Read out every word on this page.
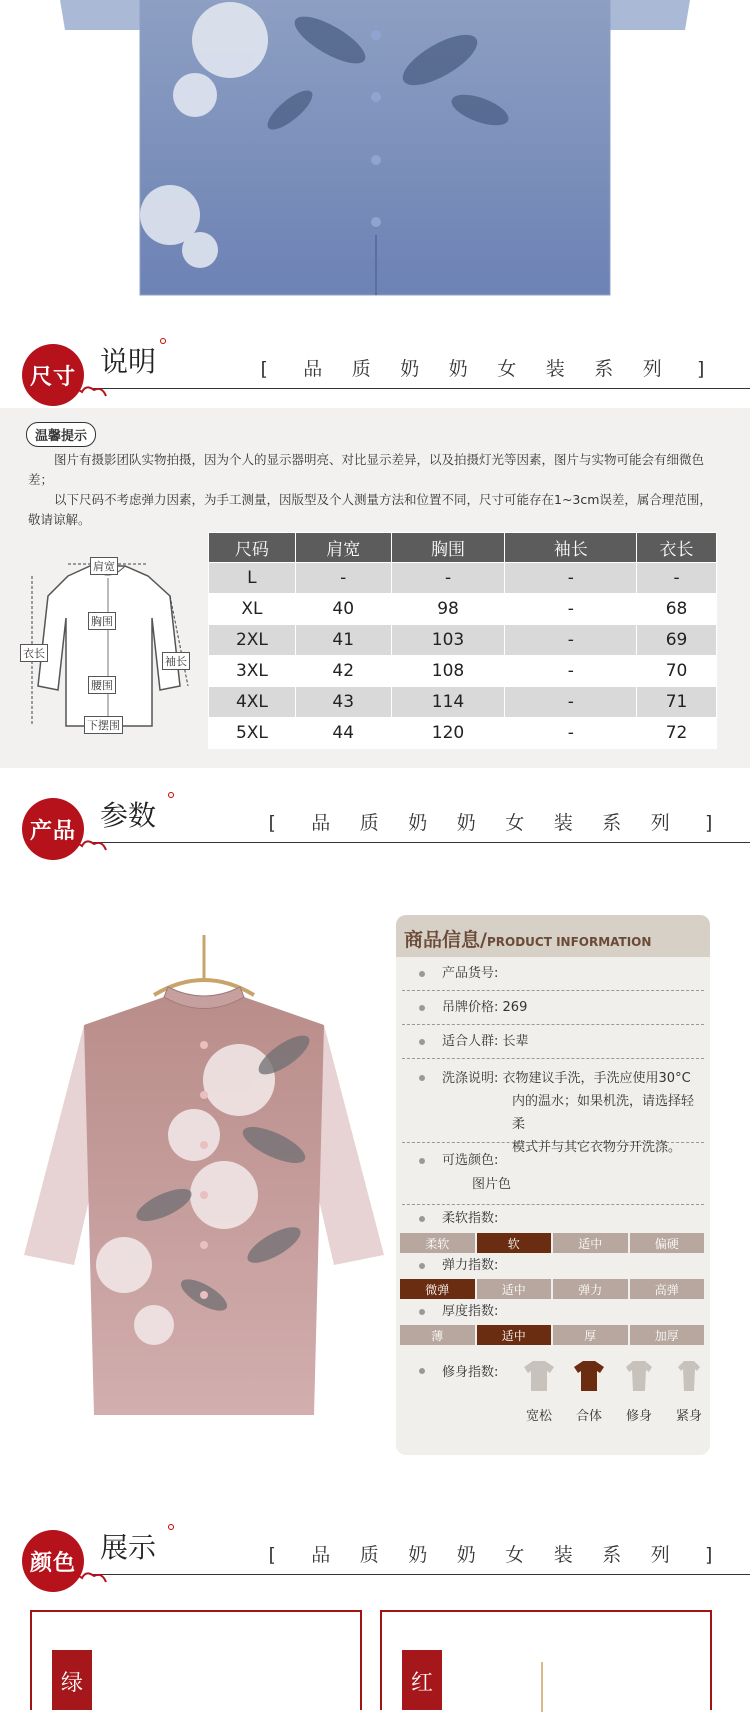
尺寸 说明	[ 品 质 奶 奶 女 装 系 列 ]
温馨提示

图片有摄影团队实物拍摄，因为个人的显示器明亮、对比显示差异，以及拍摄灯光等因素，图片与实物可能会有细微色差；

以下尺码不考虑弹力因素，为手工测量，因版型及个人测量方法和位置不同，尺寸可能存在1~3cm误差，属合理范围，敬请谅解。

肩宽
胸围
腰围
下摆围
衣长
袖长
尺码	肩宽	胸围	袖长	衣长
L	-	-	-	-
XL	40	98	-	68
2XL	41	103	-	69
3XL	42	108	-	70
4XL	43	114	-	71
5XL	44	120	-	72
产品 参数	[ 品 质 奶 奶 女 装 系 列 ]
商品信息/PRODUCT INFORMATION
产品货号:
吊牌价格: 269
适合人群: 长辈
洗涤说明: 衣物建议手洗，手洗应使用30°C
内的温水；如果机洗，请选择轻柔
模式并与其它衣物分开洗涤。
可选颜色:
图片色
柔软指数:
柔软	软	适中	偏硬
弹力指数:
微弹	适中	弹力	高弹
厚度指数:
薄	适中	厚	加厚
修身指数:
宽松	合体	修身	紧身
颜色 展示	[ 品 质 奶 奶 女 装 系 列 ]
绿	红
